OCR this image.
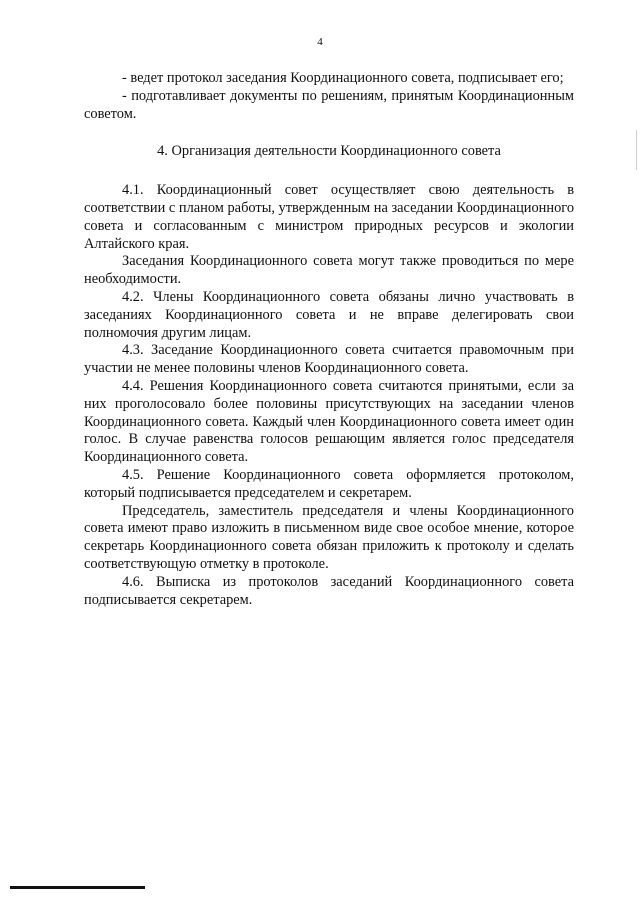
4

- ведет протокол заседания Координационного совета, подписывает его;

- подготавливает документы по решениям, принятым Координационным советом.

4. Организация деятельности Координационного совета

4.1. Координационный совет осуществляет свою деятельность в соответствии с планом работы, утвержденным на заседании Координационного совета и согласованным с министром природных ресурсов и экологии Алтайского края.

Заседания Координационного совета могут также проводиться по мере необходимости.

4.2. Члены Координационного совета обязаны лично участвовать в заседаниях Координационного совета и не вправе делегировать свои полномочия другим лицам.

4.3. Заседание Координационного совета считается правомочным при участии не менее половины членов Координационного совета.

4.4. Решения Координационного совета считаются принятыми, если за них проголосовало более половины присутствующих на заседании членов Координационного совета. Каждый член Координационного совета имеет один голос. В случае равенства голосов решающим является голос председателя Координационного совета.

4.5. Решение Координационного совета оформляется протоколом, который подписывается председателем и секретарем.

Председатель, заместитель председателя и члены Координационного совета имеют право изложить в письменном виде свое особое мнение, которое секретарь Координационного совета обязан приложить к протоколу и сделать соответствующую отметку в протоколе.

4.6. Выписка из протоколов заседаний Координационного совета подписывается секретарем.
